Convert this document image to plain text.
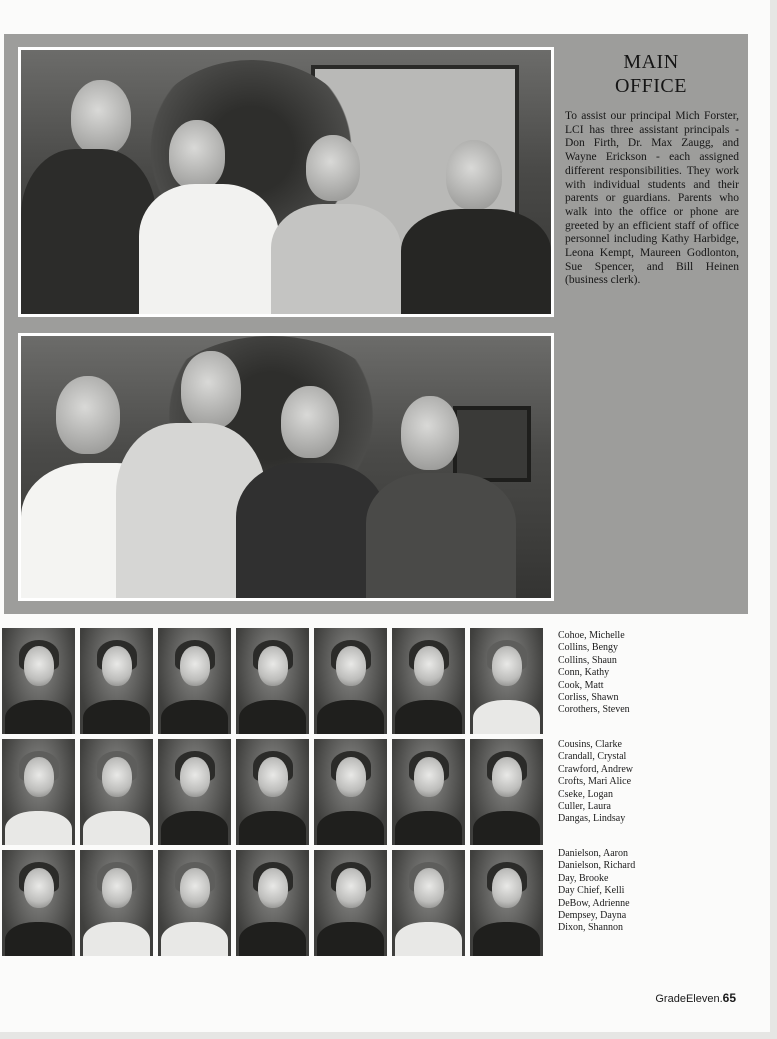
MAIN
OFFICE
To assist our principal Mich Forster, LCI has three assistant principals - Don Firth, Dr. Max Zaugg, and Wayne Erickson - each assigned different responsibilities. They work with individual students and their parents or guardians. Parents who walk into the office or phone are greeted by an efficient staff of office personnel including Kathy Harbidge, Leona Kempt, Maureen Godlonton, Sue Spencer, and Bill Heinen (business clerk).
Cohoe, Michelle
Collins, Bengy
Collins, Shaun
Conn, Kathy
Cook, Matt
Corliss, Shawn
Corothers, Steven
Cousins, Clarke
Crandall, Crystal
Crawford, Andrew
Crofts, Mari Alice
Cseke, Logan
Culler, Laura
Dangas, Lindsay
Danielson, Aaron
Danielson, Richard
Day, Brooke
Day Chief, Kelli
DeBow, Adrienne
Dempsey, Dayna
Dixon, Shannon
GradeEleven.65
